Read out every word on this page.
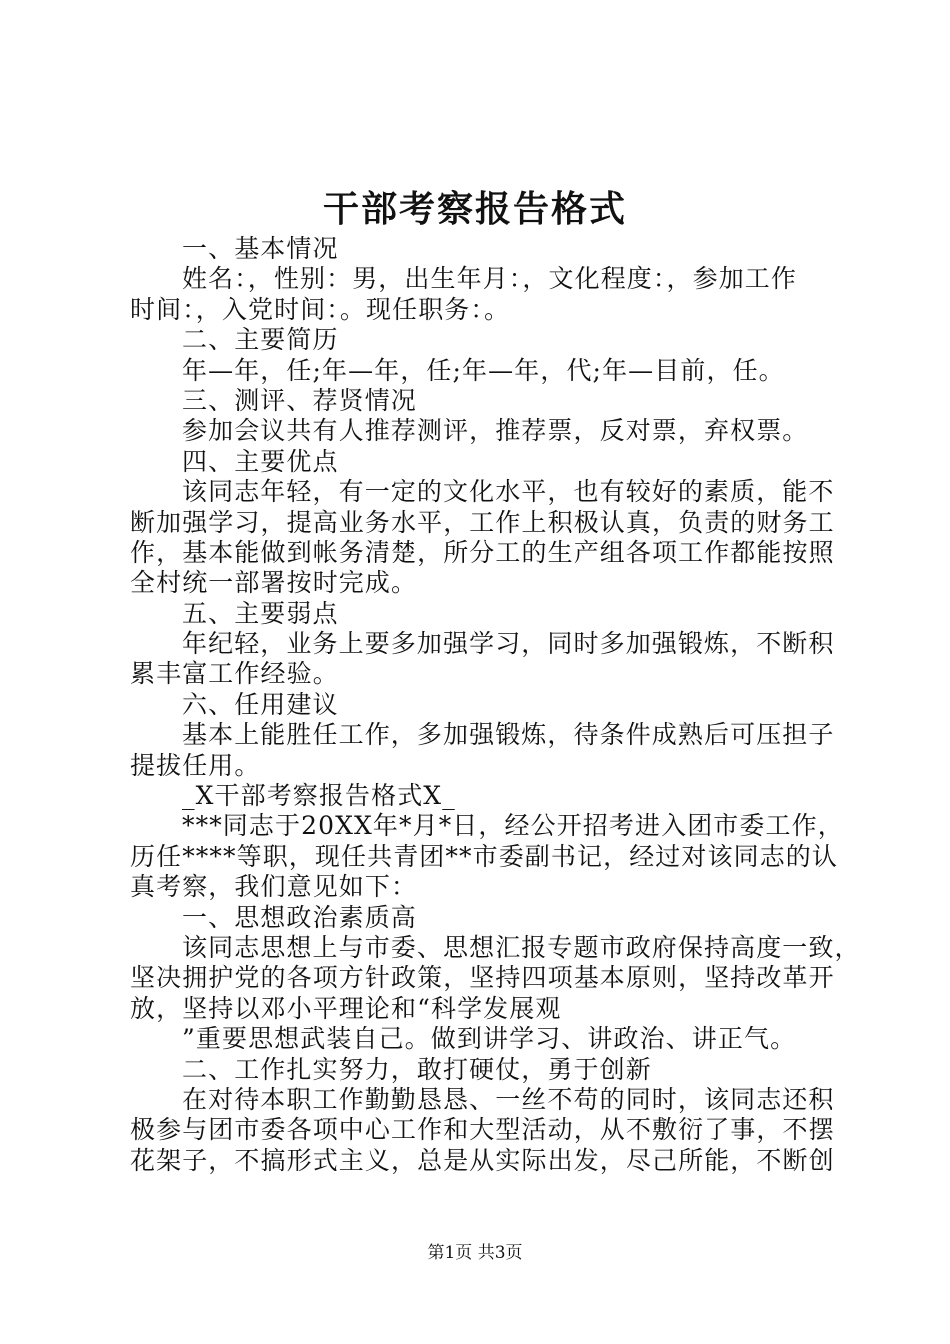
干部考察报告格式
一、基本情况
姓名：，性别：男，出生年月：，文化程度：，参加工作
时间：，入党时间：。现任职务：。
二、主要简历
年—年，任;年—年，任;年—年，代;年—目前，任。
三、测评、荐贤情况
参加会议共有人推荐测评，推荐票，反对票，弃权票。
四、主要优点
该同志年轻，有一定的文化水平，也有较好的素质，能不
断加强学习，提高业务水平，工作上积极认真，负责的财务工
作，基本能做到帐务清楚，所分工的生产组各项工作都能按照
全村统一部署按时完成。
五、主要弱点
年纪轻，业务上要多加强学习，同时多加强锻炼，不断积
累丰富工作经验。
六、任用建议
基本上能胜任工作，多加强锻炼，待条件成熟后可压担子
提拔任用。
_X干部考察报告格式X_
***同志于20XX年*月*日，经公开招考进入团市委工作，
历任****等职，现任共青团**市委副书记，经过对该同志的认
真考察，我们意见如下：
一、思想政治素质高
该同志思想上与市委、思想汇报专题市政府保持高度一致，
坚决拥护党的各项方针政策，坚持四项基本原则，坚持改革开
放，坚持以邓小平理论和“科学发展观
”重要思想武装自己。做到讲学习、讲政治、讲正气。
二、工作扎实努力，敢打硬仗，勇于创新
在对待本职工作勤勤恳恳、一丝不苟的同时，该同志还积
极参与团市委各项中心工作和大型活动，从不敷衍了事，不摆
花架子，不搞形式主义，总是从实际出发，尽己所能，不断创
第1页 共3页
